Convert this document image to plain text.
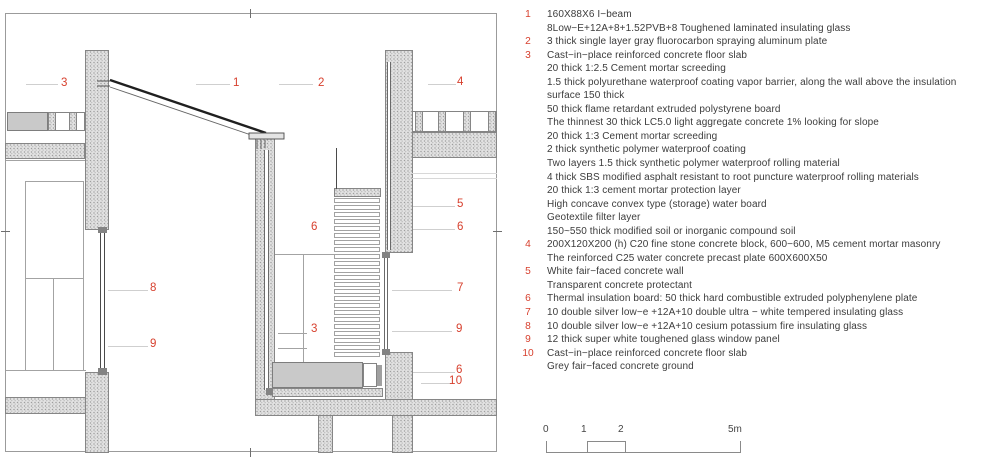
3	1	2	4
5
6
6
8	7
3	9
9
6
10
1	160X88X6 I−beam
8Low−E+12A+8+1.52PVB+8 Toughened laminated insulating glass
2	3 thick single layer gray fluorocarbon spraying aluminum plate
3	Cast−in−place reinforced concrete floor slab
20 thick 1:2.5 Cement mortar screeding
1.5 thick polyurethane waterproof coating vapor barrier, along the wall above the insulation
surface 150 thick
50 thick flame retardant extruded polystyrene board
The thinnest 30 thick LC5.0 light aggregate concrete 1% looking for slope
20 thick 1:3 Cement mortar screeding
2 thick synthetic polymer waterproof coating
Two layers 1.5 thick synthetic polymer waterproof rolling material
4 thick SBS modified asphalt resistant to root puncture waterproof rolling materials
20 thick 1:3 cement mortar protection layer
High concave convex type (storage) water board
Geotextile filter layer
150~550 thick modified soil or inorganic compound soil
4	200X120X200 (h) C20 fine stone concrete block, 600−600, M5 cement mortar masonry
The reinforced C25 water concrete precast plate 600X600X50
5	White fair−faced concrete wall
Transparent concrete protectant
6	Thermal insulation board: 50 thick hard combustible extruded polyphenylene plate
7	10 double silver low−e +12A+10 double ultra − white tempered insulating glass
8	10 double silver low−e +12A+10 cesium potassium fire insulating glass
9	12 thick super white toughened glass window panel
10 Cast−in−place reinforced concrete floor slab
Grey fair−faced concrete ground
0	1	2	5m
